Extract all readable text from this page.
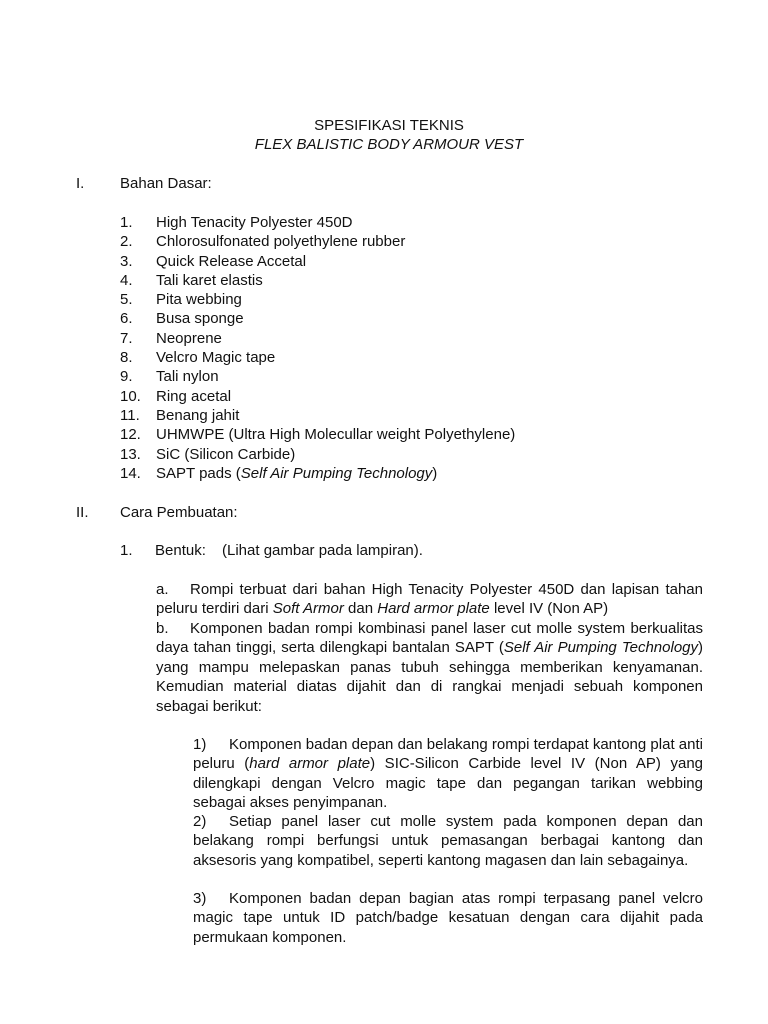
SPESIFIKASI TEKNIS
FLEX BALISTIC BODY ARMOUR VEST
I. Bahan Dasar:
1.	High Tenacity Polyester 450D
2.	Chlorosulfonated polyethylene rubber
3.	Quick Release Accetal
4.	Tali karet elastis
5.	Pita webbing
6.	Busa sponge
7.	Neoprene
8.	Velcro Magic tape
9.	Tali nylon
10.	Ring acetal
11.	Benang jahit
12.	UHMWPE (Ultra High Molecullar weight Polyethylene)
13.	SiC (Silicon Carbide)
14.	SAPT pads (Self Air Pumping Technology)
II. Cara Pembuatan:
1. Bentuk: (Lihat gambar pada lampiran).

a. Rompi terbuat dari bahan High Tenacity Polyester 450D dan lapisan tahan peluru terdiri dari Soft Armor dan Hard armor plate level IV (Non AP)

b. Komponen badan rompi kombinasi panel laser cut molle system berkualitas daya tahan tinggi, serta dilengkapi bantalan SAPT (Self Air Pumping Technology) yang mampu melepaskan panas tubuh sehingga memberikan kenyamanan. Kemudian material diatas dijahit dan di rangkai menjadi sebuah komponen sebagai berikut:

1) Komponen badan depan dan belakang rompi terdapat kantong plat anti peluru (hard armor plate) SIC-Silicon Carbide level IV (Non AP) yang dilengkapi dengan Velcro magic tape dan pegangan tarikan webbing sebagai akses penyimpanan.

2) Setiap panel laser cut molle system pada komponen depan dan belakang rompi berfungsi untuk pemasangan berbagai kantong dan aksesoris yang kompatibel, seperti kantong magasen dan lain sebagainya.

3) Komponen badan depan bagian atas rompi terpasang panel velcro magic tape untuk ID patch/badge kesatuan dengan cara dijahit pada permukaan komponen.
